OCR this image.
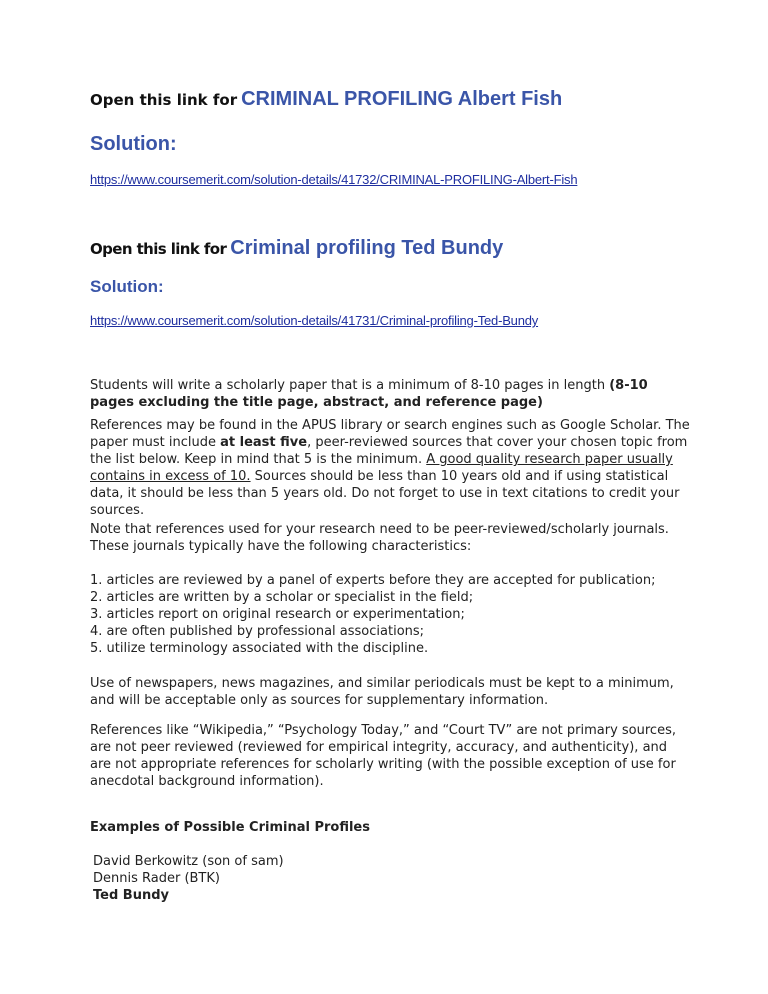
Open this link for CRIMINAL PROFILING Albert Fish
Solution:
https://www.coursemerit.com/solution-details/41732/CRIMINAL-PROFILING-Albert-Fish
Open this link for Criminal profiling Ted Bundy
Solution:
https://www.coursemerit.com/solution-details/41731/Criminal-profiling-Ted-Bundy
Students will write a scholarly paper that is a minimum of 8-10 pages in length (8-10 pages excluding the title page, abstract, and reference page)
References may be found in the APUS library or search engines such as Google Scholar. The paper must include at least five, peer-reviewed sources that cover your chosen topic from the list below. Keep in mind that 5 is the minimum. A good quality research paper usually contains in excess of 10. Sources should be less than 10 years old and if using statistical data, it should be less than 5 years old. Do not forget to use in text citations to credit your sources.
Note that references used for your research need to be peer-reviewed/scholarly journals. These journals typically have the following characteristics:
1. articles are reviewed by a panel of experts before they are accepted for publication;
2. articles are written by a scholar or specialist in the field;
3. articles report on original research or experimentation;
4. are often published by professional associations;
5. utilize terminology associated with the discipline.
Use of newspapers, news magazines, and similar periodicals must be kept to a minimum, and will be acceptable only as sources for supplementary information.
References like “Wikipedia,” “Psychology Today,” and “Court TV” are not primary sources, are not peer reviewed (reviewed for empirical integrity, accuracy, and authenticity), and are not appropriate references for scholarly writing (with the possible exception of use for anecdotal background information).
Examples of Possible Criminal Profiles
David Berkowitz (son of sam)
Dennis Rader (BTK)
Ted Bundy
